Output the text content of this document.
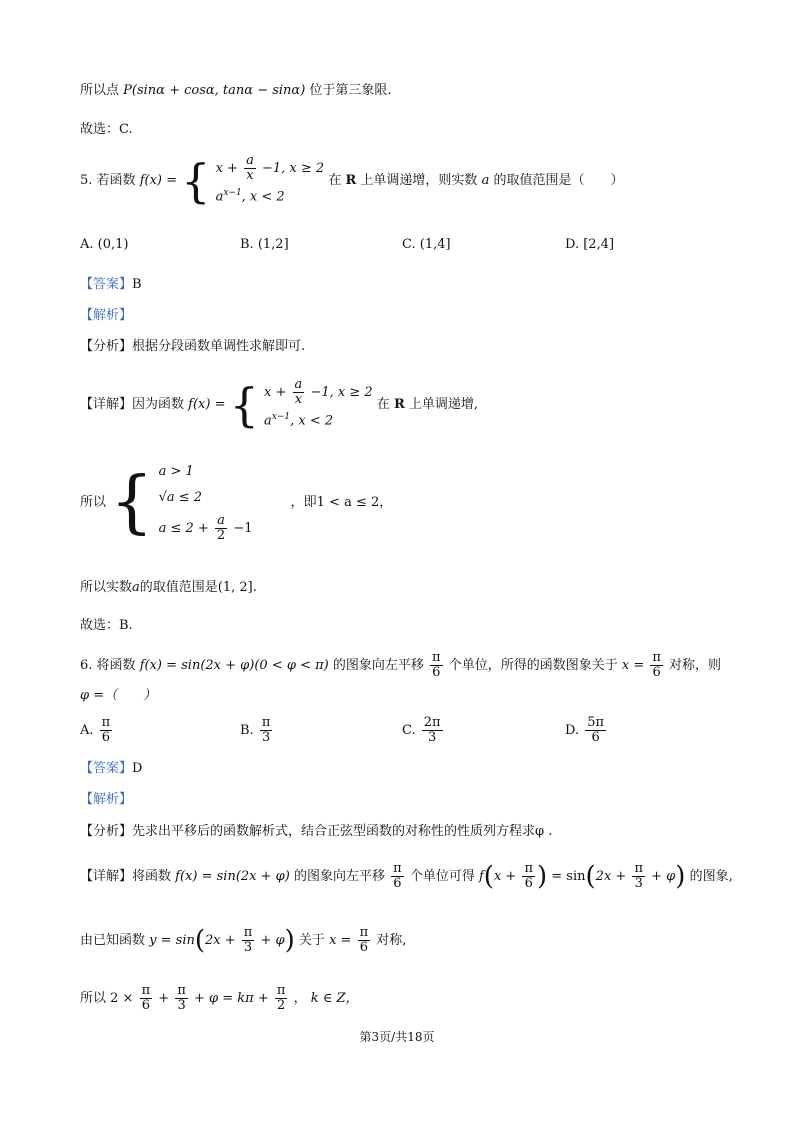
所以点 P(sinα + cosα, tanα − sinα) 位于第三象限.
故选：C.
5. 若函数 f(x) = { $x + \frac{a}{x} -1$, x ≥ 2
$a^{x-1}$, x < 2
在 R 上单调递增，则实数 a 的取值范围是（　　）
A. (0,1)	B. (1,2]	C. (1,4]	D. [2,4]
【答案】B
【解析】
【分析】根据分段函数单调性求解即可.
【详解】因为函数 f(x) = { $x + \frac{a}{x} -1$, x ≥ 2
$a^{x-1}$, x < 2
在 R 上单调递增,
所以 { a > 1
√a ≤ 2
$a \le 2 + \frac{a}{2} -1$
，即1 < a ≤ 2，
所以实数a的取值范围是(1, 2].
故选：B.
6. 将函数 f(x) = sin(2x + φ)(0 < φ < π) 的图象向左平移 $\frac{\pi}{6}$ 个单位，所得的函数图象关于 $x = \frac{\pi}{6}$ 对称，则
φ =（　　）
A. $\frac{\pi}{6}$	B. $\frac{\pi}{3}$	C. $\frac{2\pi}{3}$	D. $\frac{5\pi}{6}$
【答案】D
【解析】
【分析】先求出平移后的函数解析式，结合正弦型函数的对称性的性质列方程求φ .
【详解】将函数 f(x) = sin(2x + φ) 的图象向左平移 $\frac{\pi}{6}$ 个单位可得 $f(x + \frac{\pi}{6}$ ) = $\sin(2x + \frac{\pi}{3} + \varphi)$ 的图象,
由已知函数 $y = \sin(2x + \frac{\pi}{3} + \varphi)$ 关于 $x = \frac{\pi}{6}$ 对称,
所以 $2 \times \frac{\pi}{6} + \frac{\pi}{3} + \varphi = k\pi + \frac{\pi}{2}$ ， k ∈ Z，
第3页/共18页
